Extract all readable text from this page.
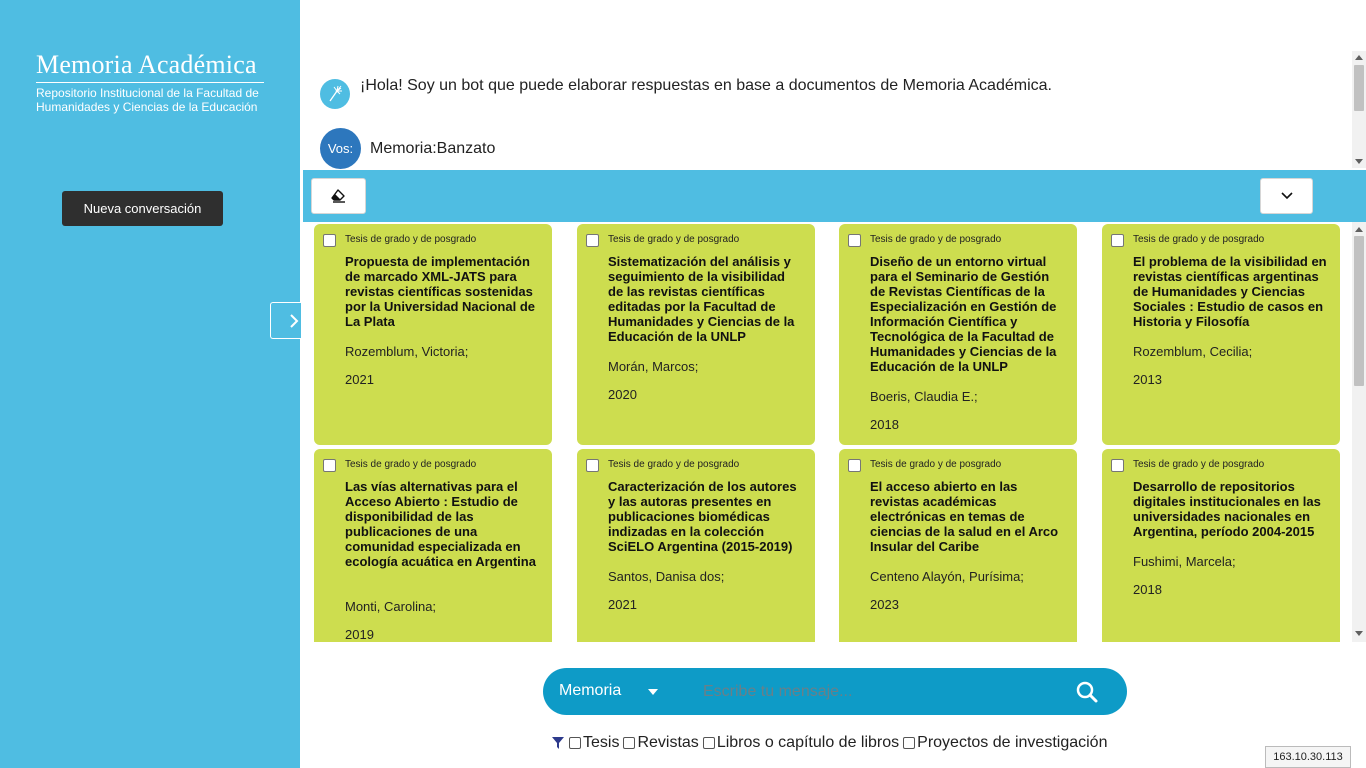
Memoria Académica
Repositorio Institucional de la Facultad de
Humanidades y Ciencias de la Educación
Nueva conversación
¡Hola! Soy un bot que puede elaborar respuestas en base a documentos de Memoria Académica.
Vos:	Memoria:Banzato
Tesis de grado y de posgrado
Propuesta de implementación de marcado XML-JATS para revistas científicas sostenidas por la Universidad Nacional de La Plata
Rozemblum, Victoria;
2021
Tesis de grado y de posgrado
Sistematización del análisis y seguimiento de la visibilidad de las revistas científicas editadas por la Facultad de Humanidades y Ciencias de la Educación de la UNLP
Morán, Marcos;
2020
Tesis de grado y de posgrado
Diseño de un entorno virtual para el Seminario de Gestión de Revistas Científicas de la Especialización en Gestión de Información Científica y Tecnológica de la Facultad de Humanidades y Ciencias de la Educación de la UNLP
Boeris, Claudia E.;
2018
Tesis de grado y de posgrado
El problema de la visibilidad en revistas científicas argentinas de Humanidades y Ciencias Sociales : Estudio de casos en Historia y Filosofía
Rozemblum, Cecilia;
2013
Tesis de grado y de posgrado
Las vías alternativas para el Acceso Abierto : Estudio de disponibilidad de las publicaciones de una comunidad especializada en ecología acuática en Argentina
Monti, Carolina;
2019
Tesis de grado y de posgrado
Caracterización de los autores y las autoras presentes en publicaciones biomédicas indizadas en la colección SciELO Argentina (2015-2019)
Santos, Danisa dos;
2021
Tesis de grado y de posgrado
El acceso abierto en las revistas académicas electrónicas en temas de ciencias de la salud en el Arco Insular del Caribe
Centeno Alayón, Purísima;
2023
Tesis de grado y de posgrado
Desarrollo de repositorios digitales institucionales en las universidades nacionales en Argentina, período 2004-2015
Fushimi, Marcela;
2018
Memoria
Escribe tu mensaje...
Tesis Revistas Libros o capítulo de libros Proyectos de investigación
163.10.30.113
